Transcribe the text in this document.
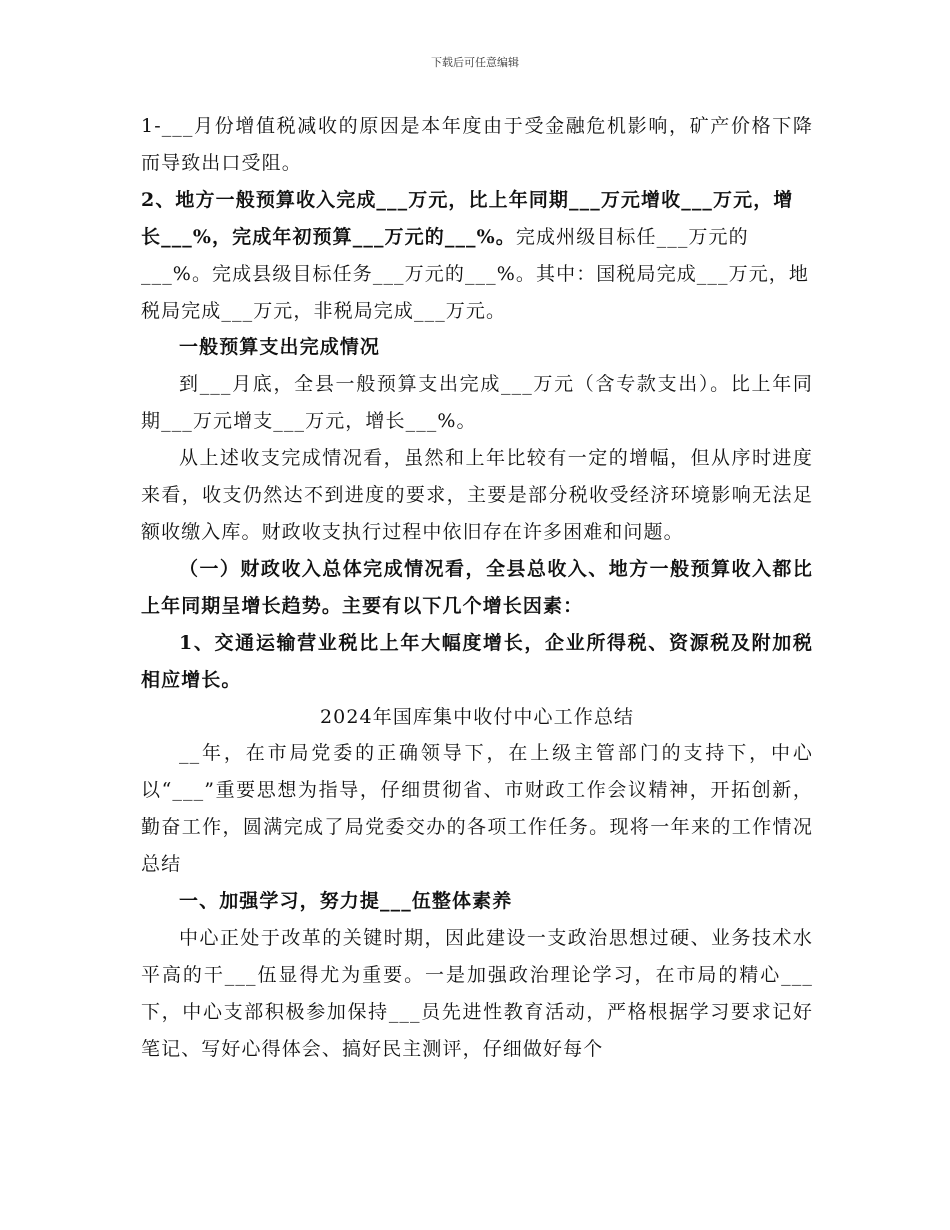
下载后可任意编辑

1-___月份增值税减收的原因是本年度由于受金融危机影响，矿产价格下降而导致出口受阻。

2、地方一般预算收入完成___万元，比上年同期___万元增收___万元，增长___%，完成年初预算___万元的___%。

完成州级目标任___万元的___%。完成县级目标任务___万元的___%。其中：国税局完成___万元，地税局完成___万元，非税局完成___万元。

一般预算支出完成情况

到___月底，全县一般预算支出完成___万元（含专款支出）。比上年同期___万元增支___万元，增长___%。

从上述收支完成情况看，虽然和上年比较有一定的增幅，但从序时进度来看，收支仍然达不到进度的要求，主要是部分税收受经济环境影响无法足额收缴入库。财政收支执行过程中依旧存在许多困难和问题。

（一）财政收入总体完成情况看，全县总收入、地方一般预算收入都比上年同期呈增长趋势。主要有以下几个增长因素：

1、交通运输营业税比上年大幅度增长，企业所得税、资源税及附加税相应增长。

2024年国库集中收付中心工作总结

__年，在市局党委的正确领导下，在上级主管部门的支持下，中心以“___”重要思想为指导，仔细贯彻省、市财政工作会议精神，开拓创新，勤奋工作，圆满完成了局党委交办的各项工作任务。现将一年来的工作情况总结

一、加强学习，努力提___伍整体素养

中心正处于改革的关键时期，因此建设一支政治思想过硬、业务技术水平高的干___伍显得尤为重要。一是加强政治理论学习，在市局的精心___下，中心支部积极参加保持___员先进性教育活动，严格根据学习要求记好笔记、写好心得体会、搞好民主测评，仔细做好每个
